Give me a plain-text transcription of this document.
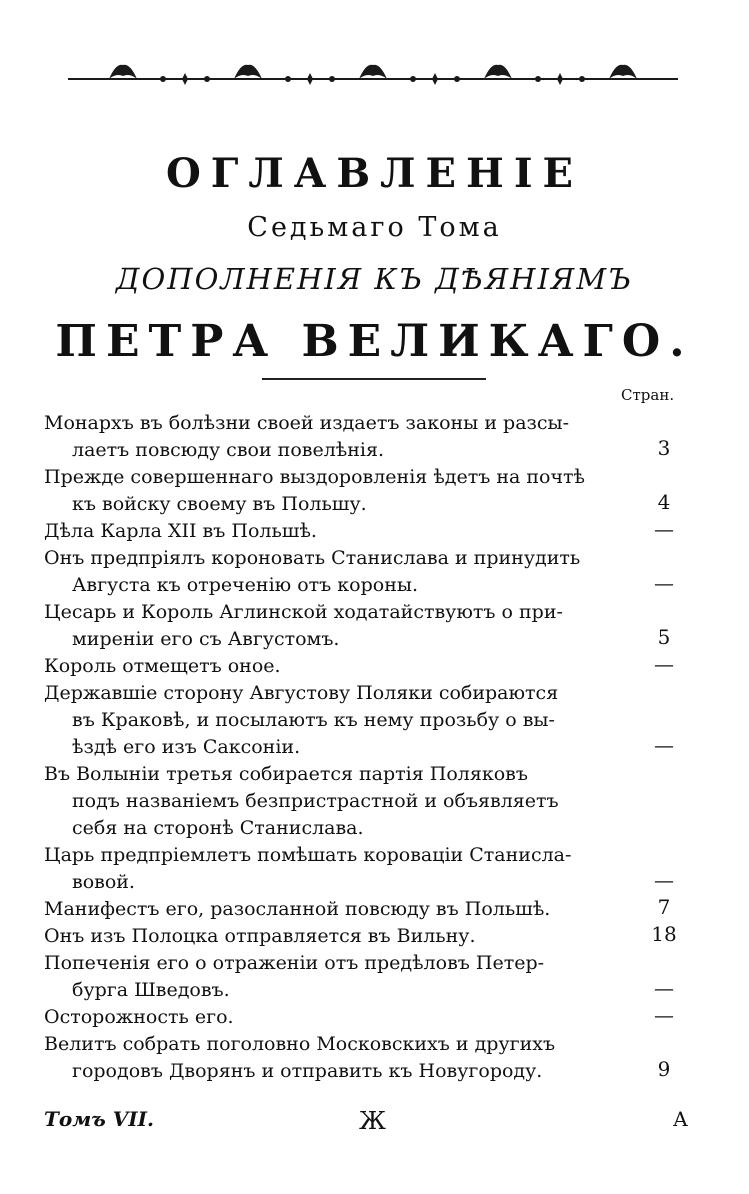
ОГЛАВЛЕНІЕ
Седьмаго Тома
ДОПОЛНЕНІЯ КЪ ДѢЯНІЯМЪ
ПЕТРА ВЕЛИКАГО.
Стран.
Монархъ въ болѣзни своей издаетъ законы и разсы-
лаетъ повсюду свои повелѣнія.	3
Прежде совершеннаго выздоровленія ѣдетъ на почтѣ
къ войску своему въ Польшу.	4
Дѣла Карла XII въ Польшѣ.	—
Онъ предпріялъ короновать Станислава и принудить
Августа къ отреченію отъ короны.	—
Цесарь и Король Аглинской ходатайствуютъ о при-
миреніи его съ Августомъ.	5
Король отмещетъ оное.	—
Державшіе сторону Августову Поляки собираются
въ Краковѣ, и посылаютъ къ нему прозьбу о вы-
ѣздѣ его изъ Саксоніи.	—
Въ Волыніи третья собирается партія Поляковъ
подъ названіемъ безпристрастной и объявляетъ
себя на сторонѣ Станислава.
Царь предпріемлетъ помѣшать короваціи Станисла-
вовой.	—
Манифестъ его, разосланной повсюду въ Польшѣ.	7
Онъ изъ Полоцка отправляется въ Вильну.	18
Попеченія его о отраженіи отъ предѣловъ Петер-
бурга Шведовъ.	—
Осторожность его.	—
Велитъ собрать поголовно Московскихъ и другихъ
городовъ Дворянъ и отправить къ Новугороду.	9
Томъ VII.	Ж	А
